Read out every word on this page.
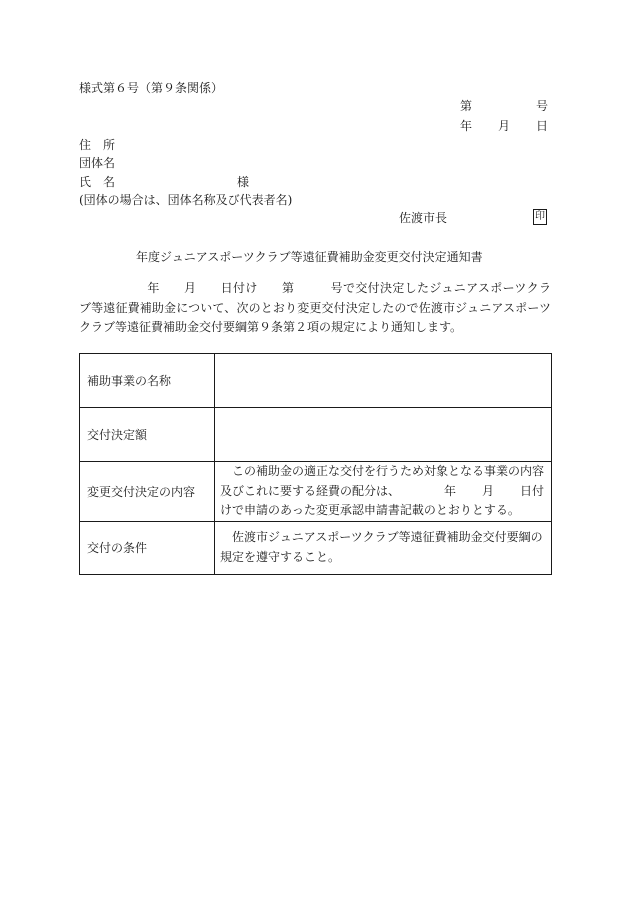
様式第６号（第９条関係）
第	号
年 月 日
住　所
団体名
氏　名	様
(団体の場合は、団体名称及び代表者名)
佐渡市長	印
年度ジュニアスポーツクラブ等遠征費補助金変更交付決定通知書
年 月 日付け 第	号で交付決定したジュニアスポーツクラブ等遠征費補助金について、次のとおり変更交付決定したので佐渡市ジュニアスポーツクラブ等遠征費補助金交付要綱第９条第２項の規定により通知します。
補助事業の名称	
交付決定額	
変更交付決定の内容	この補助金の適正な交付を行うため対象となる事業の内容及びこれに要する経費の配分は、 年 月 日付けで申請のあった変更承認申請書記載のとおりとする。
交付の条件	佐渡市ジュニアスポーツクラブ等遠征費補助金交付要綱の規定を遵守すること。
